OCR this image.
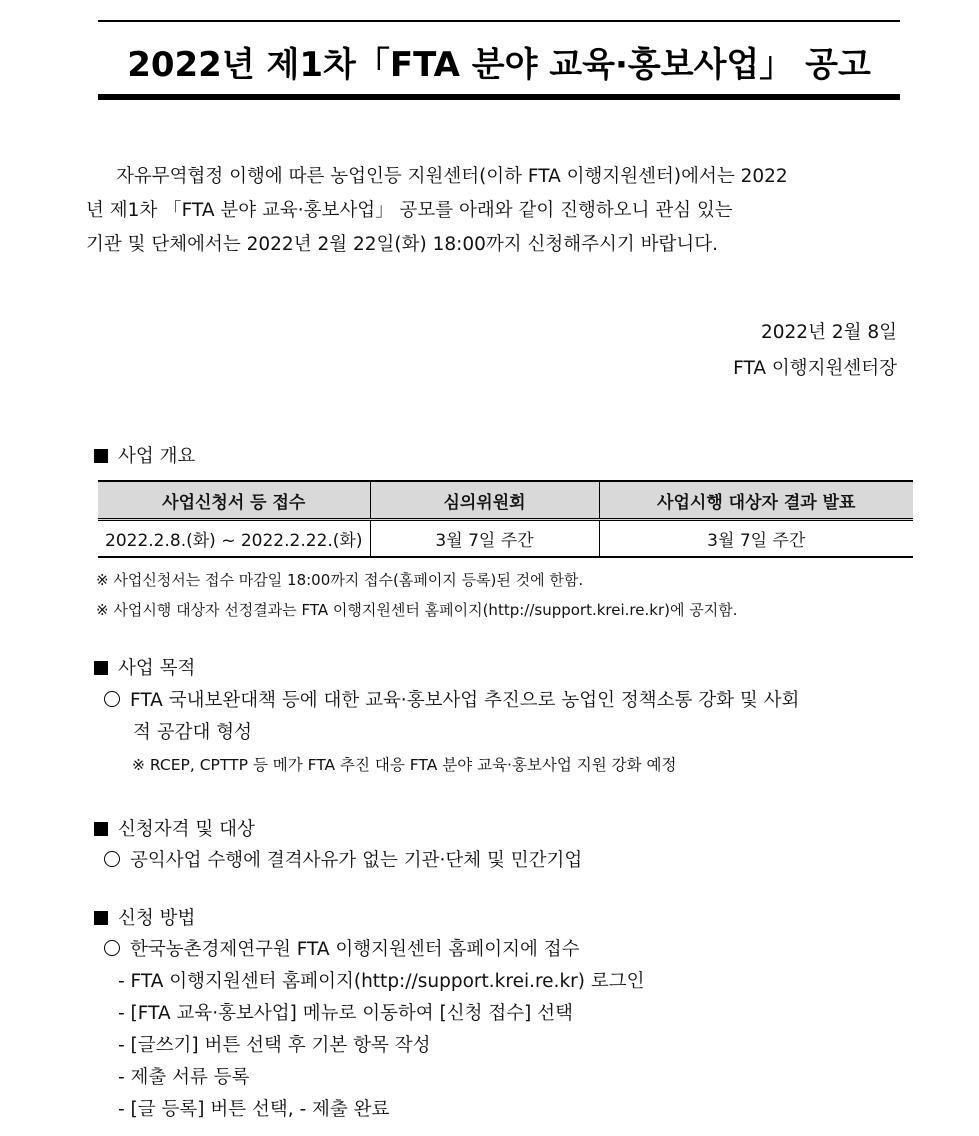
2022년 제1차「FTA 분야 교육·홍보사업」 공고
자유무역협정 이행에 따른 농업인등 지원센터(이하 FTA 이행지원센터)에서는 2022
년 제1차 「FTA 분야 교육‧홍보사업」 공모를 아래와 같이 진행하오니 관심 있는
기관 및 단체에서는 2022년 2월 22일(화) 18:00까지 신청해주시기 바랍니다.
2022년 2월 8일
FTA 이행지원센터장
사업 개요
사업신청서 등 접수	심의위원회	사업시행 대상자 결과 발표
2022.2.8.(화) ~ 2022.2.22.(화)	3월 7일 주간	3월 7일 주간
※ 사업신청서는 접수 마감일 18:00까지 접수(홈페이지 등록)된 것에 한함.
※ 사업시행 대상자 선정결과는 FTA 이행지원센터 홈페이지(http://support.krei.re.kr)에 공지함.
사업 목적
FTA 국내보완대책 등에 대한 교육‧홍보사업 추진으로 농업인 정책소통 강화 및 사회
적 공감대 형성
※ RCEP, CPTTP 등 메가 FTA 추진 대응 FTA 분야 교육‧홍보사업 지원 강화 예정
신청자격 및 대상
공익사업 수행에 결격사유가 없는 기관‧단체 및 민간기업
신청 방법
한국농촌경제연구원 FTA 이행지원센터 홈페이지에 접수
- FTA 이행지원센터 홈페이지(http://support.krei.re.kr) 로그인
- [FTA 교육‧홍보사업] 메뉴로 이동하여 [신청 접수] 선택
- [글쓰기] 버튼 선택 후 기본 항목 작성
- 제출 서류 등록
- [글 등록] 버튼 선택, - 제출 완료
